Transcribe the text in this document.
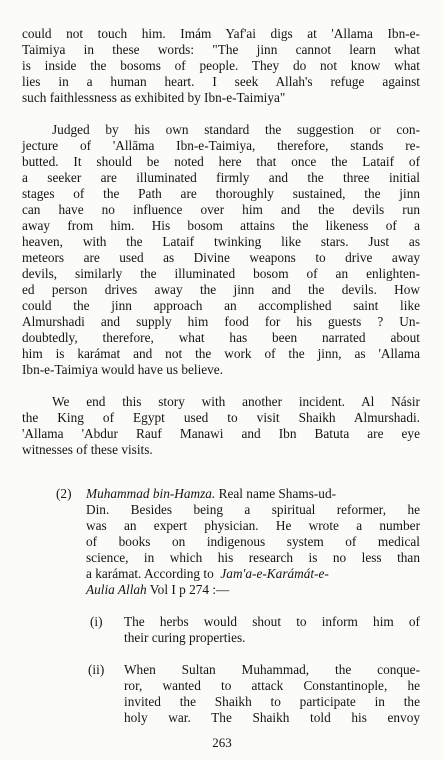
could not touch him. Imám Yaf'ai digs at 'Allama Ibn-e-
Taimiya in these words: "The jinn cannot learn what
is inside the bosoms of people. They do not know what
lies in a human heart. I seek Allah's refuge against
such faithlessness as exhibited by Ibn-e-Taimiya"
Judged by his own standard the suggestion or con-
jecture of 'Allāma Ibn-e-Taimiya, therefore, stands re-
butted. It should be noted here that once the Lataif of
a seeker are illuminated firmly and the three initial
stages of the Path are thoroughly sustained, the jinn
can have no influence over him and the devils run
away from him. His bosom attains the likeness of a
heaven, with the Lataif twinking like stars. Just as
meteors are used as Divine weapons to drive away
devils, similarly the illuminated bosom of an enlighten-
ed person drives away the jinn and the devils. How
could the jinn approach an accomplished saint like
Almurshadi and supply him food for his guests ? Un-
doubtedly, therefore, what has been narrated about
him is karámat and not the work of the jinn, as 'Allama
Ibn-e-Taimiya would have us believe.
We end this story with another incident. Al Násir
the King of Egypt used to visit Shaikh Almurshadi.
'Allama 'Abdur Rauf Manawi and Ibn Batuta are eye
witnesses of these visits.
(2) Muhammad bin-Hamza. Real name Shams-ud-
Din. Besides being a spiritual reformer, he
was an expert physician. He wrote a number
of books on indigenous system of medical
science, in which his research is no less than
a karámat. According to Jam'a-e-Karámát-e-
Aulia Allah Vol I p 274 :—
(i) The herbs would shout to inform him of
their curing properties.
(ii) When Sultan Muhammad, the conque-
ror, wanted to attack Constantinople, he
invited the Shaikh to participate in the
holy war. The Shaikh told his envoy
263
